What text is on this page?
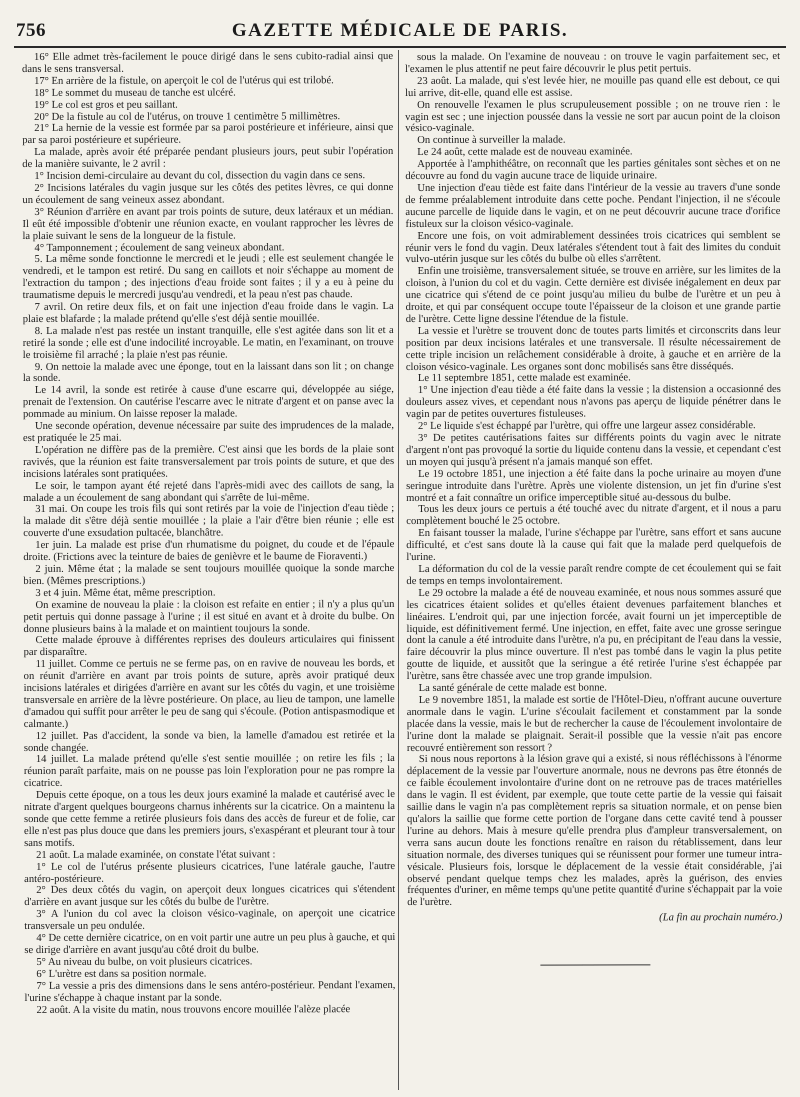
756	GAZETTE MÉDICALE DE PARIS.

16° Elle admet très-facilement le pouce dirigé dans le sens cubito-radial ainsi que dans le sens transversal.

17° En arrière de la fistule, on aperçoit le col de l'utérus qui est trilobé.

18° Le sommet du museau de tanche est ulcéré.

19° Le col est gros et peu saillant.

20° De la fistule au col de l'utérus, on trouve 1 centimètre 5 millimètres.

21° La hernie de la vessie est formée par sa paroi postérieure et inférieure, ainsi que par sa paroi postérieure et supérieure.

La malade, après avoir été préparée pendant plusieurs jours, peut subir l'opération de la manière suivante, le 2 avril :

1° Incision demi-circulaire au devant du col, dissection du vagin dans ce sens.

2° Incisions latérales du vagin jusque sur les côtés des petites lèvres, ce qui donne un écoulement de sang veineux assez abondant.

3° Réunion d'arrière en avant par trois points de suture, deux latéraux et un médian. Il eût été impossible d'obtenir une réunion exacte, en voulant rapprocher les lèvres de la plaie suivant le sens de la longueur de la fistule.

4° Tamponnement ; écoulement de sang veineux abondant.

5. La même sonde fonctionne le mercredi et le jeudi ; elle est seulement changée le vendredi, et le tampon est retiré. Du sang en caillots et noir s'échappe au moment de l'extraction du tampon ; des injections d'eau froide sont faites ; il y a eu à peine du traumatisme depuis le mercredi jusqu'au vendredi, et la peau n'est pas chaude.

7 avril. On retire deux fils, et on fait une injection d'eau froide dans le vagin. La plaie est blafarde ; la malade prétend qu'elle s'est déjà sentie mouillée.

8. La malade n'est pas restée un instant tranquille, elle s'est agitée dans son lit et a retiré la sonde ; elle est d'une indocilité incroyable. Le matin, en l'examinant, on trouve le troisième fil arraché ; la plaie n'est pas réunie.

9. On nettoie la malade avec une éponge, tout en la laissant dans son lit ; on change la sonde.

Le 14 avril, la sonde est retirée à cause d'une escarre qui, développée au siége, prenait de l'extension. On cautérise l'escarre avec le nitrate d'argent et on panse avec la pommade au minium. On laisse reposer la malade.

Une seconde opération, devenue nécessaire par suite des imprudences de la malade, est pratiquée le 25 mai.

L'opération ne diffère pas de la première. C'est ainsi que les bords de la plaie sont ravivés, que la réunion est faite transversalement par trois points de suture, et que des incisions latérales sont pratiquées.

Le soir, le tampon ayant été rejeté dans l'après-midi avec des caillots de sang, la malade a un écoulement de sang abondant qui s'arrête de lui-même.

31 mai. On coupe les trois fils qui sont retirés par la voie de l'injection d'eau tiède ; la malade dit s'être déjà sentie mouillée ; la plaie a l'air d'être bien réunie ; elle est couverte d'une exsudation pultacée, blanchâtre.

1er juin. La malade est prise d'un rhumatisme du poignet, du coude et de l'épaule droite. (Frictions avec la teinture de baies de genièvre et le baume de Fioraventi.)

2 juin. Même état ; la malade se sent toujours mouillée quoique la sonde marche bien. (Mêmes prescriptions.)

3 et 4 juin. Même état, même prescription.

On examine de nouveau la plaie : la cloison est refaite en entier ; il n'y a plus qu'un petit pertuis qui donne passage à l'urine ; il est situé en avant et à droite du bulbe. On donne plusieurs bains à la malade et on maintient toujours la sonde.

Cette malade éprouve à différentes reprises des douleurs articulaires qui finissent par disparaître.

11 juillet. Comme ce pertuis ne se ferme pas, on en ravive de nouveau les bords, et on réunit d'arrière en avant par trois points de suture, après avoir pratiqué deux incisions latérales et dirigées d'arrière en avant sur les côtés du vagin, et une troisième transversale en arrière de la lèvre postérieure. On place, au lieu de tampon, une lamelle d'amadou qui suffit pour arrêter le peu de sang qui s'écoule. (Potion antispasmodique et calmante.)

12 juillet. Pas d'accident, la sonde va bien, la lamelle d'amadou est retirée et la sonde changée.

14 juillet. La malade prétend qu'elle s'est sentie mouillée ; on retire les fils ; la réunion paraît parfaite, mais on ne pousse pas loin l'exploration pour ne pas rompre la cicatrice.

Depuis cette époque, on a tous les deux jours examiné la malade et cautérisé avec le nitrate d'argent quelques bourgeons charnus inhérents sur la cicatrice. On a maintenu la sonde que cette femme a retirée plusieurs fois dans des accès de fureur et de folie, car elle n'est pas plus douce que dans les premiers jours, s'exaspérant et pleurant tour à tour sans motifs.

21 août. La malade examinée, on constate l'état suivant :

1° Le col de l'utérus présente plusieurs cicatrices, l'une latérale gauche, l'autre antéro-postérieure.

2° Des deux côtés du vagin, on aperçoit deux longues cicatrices qui s'étendent d'arrière en avant jusque sur les côtés du bulbe de l'urètre.

3° A l'union du col avec la cloison vésico-vaginale, on aperçoit une cicatrice transversale un peu ondulée.

4° De cette dernière cicatrice, on en voit partir une autre un peu plus à gauche, et qui se dirige d'arrière en avant jusqu'au côté droit du bulbe.

5° Au niveau du bulbe, on voit plusieurs cicatrices.

6° L'urètre est dans sa position normale.

7° La vessie a pris des dimensions dans le sens antéro-postérieur. Pendant l'examen, l'urine s'échappe à chaque instant par la sonde.

22 août. A la visite du matin, nous trouvons encore mouillée l'alèze placée

sous la malade. On l'examine de nouveau : on trouve le vagin parfaitement sec, et l'examen le plus attentif ne peut faire découvrir le plus petit pertuis.

23 août. La malade, qui s'est levée hier, ne mouille pas quand elle est debout, ce qui lui arrive, dit-elle, quand elle est assise.

On renouvelle l'examen le plus scrupuleusement possible ; on ne trouve rien : le vagin est sec ; une injection poussée dans la vessie ne sort par aucun point de la cloison vésico-vaginale.

On continue à surveiller la malade.

Le 24 août, cette malade est de nouveau examinée.

Apportée à l'amphithéâtre, on reconnaît que les parties génitales sont sèches et on ne découvre au fond du vagin aucune trace de liquide urinaire.

Une injection d'eau tiède est faite dans l'intérieur de la vessie au travers d'une sonde de femme préalablement introduite dans cette poche. Pendant l'injection, il ne s'écoule aucune parcelle de liquide dans le vagin, et on ne peut découvrir aucune trace d'orifice fistuleux sur la cloison vésico-vaginale.

Encore une fois, on voit admirablement dessinées trois cicatrices qui semblent se réunir vers le fond du vagin. Deux latérales s'étendent tout à fait des limites du conduit vulvo-utérin jusque sur les côtés du bulbe où elles s'arrêtent.

Enfin une troisième, transversalement située, se trouve en arrière, sur les limites de la cloison, à l'union du col et du vagin. Cette dernière est divisée inégalement en deux par une cicatrice qui s'étend de ce point jusqu'au milieu du bulbe de l'urètre et un peu à droite, et qui par conséquent occupe toute l'épaisseur de la cloison et une grande partie de l'urètre. Cette ligne dessine l'étendue de la fistule.

La vessie et l'urètre se trouvent donc de toutes parts limités et circonscrits dans leur position par deux incisions latérales et une transversale. Il résulte nécessairement de cette triple incision un relâchement considérable à droite, à gauche et en arrière de la cloison vésico-vaginale. Les organes sont donc mobilisés sans être disséqués.

Le 11 septembre 1851, cette malade est examinée.

1° Une injection d'eau tiède a été faite dans la vessie ; la distension a occasionné des douleurs assez vives, et cependant nous n'avons pas aperçu de liquide pénétrer dans le vagin par de petites ouvertures fistuleuses.

2° Le liquide s'est échappé par l'urètre, qui offre une largeur assez considérable.

3° De petites cautérisations faites sur différents points du vagin avec le nitrate d'argent n'ont pas provoqué la sortie du liquide contenu dans la vessie, et cependant c'est un moyen qui jusqu'à présent n'a jamais manqué son effet.

Le 19 octobre 1851, une injection a été faite dans la poche urinaire au moyen d'une seringue introduite dans l'urètre. Après une violente distension, un jet fin d'urine s'est montré et a fait connaître un orifice imperceptible situé au-dessous du bulbe.

Tous les deux jours ce pertuis a été touché avec du nitrate d'argent, et il nous a paru complètement bouché le 25 octobre.

En faisant tousser la malade, l'urine s'échappe par l'urètre, sans effort et sans aucune difficulté, et c'est sans doute là la cause qui fait que la malade perd quelquefois de l'urine.

La déformation du col de la vessie paraît rendre compte de cet écoulement qui se fait de temps en temps involontairement.

Le 29 octobre la malade a été de nouveau examinée, et nous nous sommes assuré que les cicatrices étaient solides et qu'elles étaient devenues parfaitement blanches et linéaires. L'endroit qui, par une injection forcée, avait fourni un jet imperceptible de liquide, est définitivement fermé. Une injection, en effet, faite avec une grosse seringue dont la canule a été introduite dans l'urètre, n'a pu, en précipitant de l'eau dans la vessie, faire découvrir la plus mince ouverture. Il n'est pas tombé dans le vagin la plus petite goutte de liquide, et aussitôt que la seringue a été retirée l'urine s'est échappée par l'urètre, sans être chassée avec une trop grande impulsion.

La santé générale de cette malade est bonne.

Le 9 novembre 1851, la malade est sortie de l'Hôtel-Dieu, n'offrant aucune ouverture anormale dans le vagin. L'urine s'écoulait facilement et constamment par la sonde placée dans la vessie, mais le but de rechercher la cause de l'écoulement involontaire de l'urine dont la malade se plaignait. Serait-il possible que la vessie n'ait pas encore recouvré entièrement son ressort ?

Si nous nous reportons à la lésion grave qui a existé, si nous réfléchissons à l'énorme déplacement de la vessie par l'ouverture anormale, nous ne devrons pas être étonnés de ce faible écoulement involontaire d'urine dont on ne retrouve pas de traces matérielles dans le vagin. Il est évident, par exemple, que toute cette partie de la vessie qui faisait saillie dans le vagin n'a pas complètement repris sa situation normale, et on pense bien qu'alors la saillie que forme cette portion de l'organe dans cette cavité tend à pousser l'urine au dehors. Mais à mesure qu'elle prendra plus d'ampleur transversalement, on verra sans aucun doute les fonctions renaître en raison du rétablissement, dans leur situation normale, des diverses tuniques qui se réunissent pour former une tumeur intra-vésicale. Plusieurs fois, lorsque le déplacement de la vessie était considérable, j'ai observé pendant quelque temps chez les malades, après la guérison, des envies fréquentes d'uriner, en même temps qu'une petite quantité d'urine s'échappait par la voie de l'urètre.

(La fin au prochain numéro.)
